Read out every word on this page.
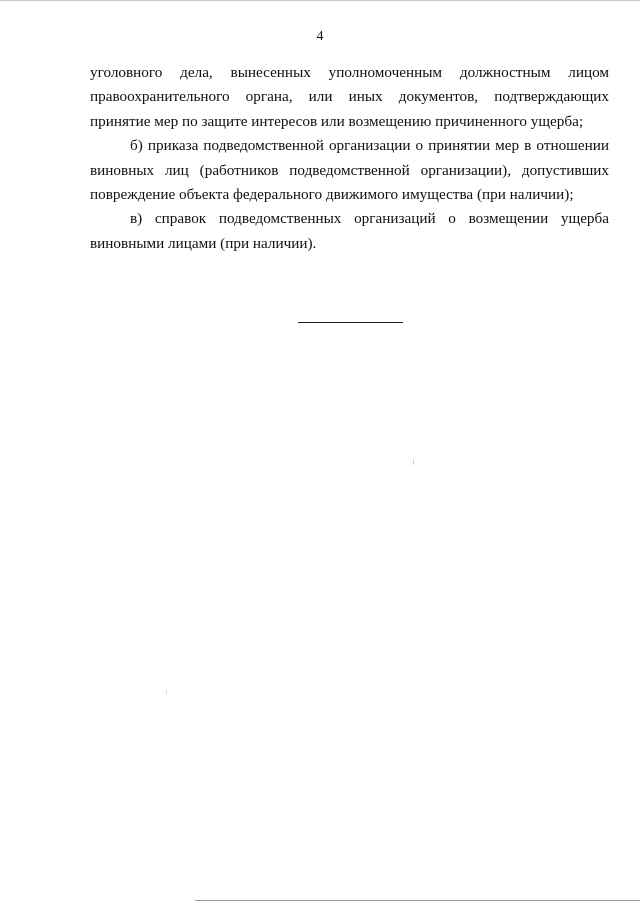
4
уголовного дела, вынесенных уполномоченным должностным лицом
правоохранительного органа, или иных документов, подтверждающих
принятие мер по защите интересов или возмещению причиненного ущерба;
б) приказа подведомственной организации о принятии мер в отношении
виновных лиц (работников подведомственной организации), допустивших
повреждение объекта федерального движимого имущества (при наличии);
в) справок подведомственных организаций о возмещении ущерба
виновными лицами (при наличии).
